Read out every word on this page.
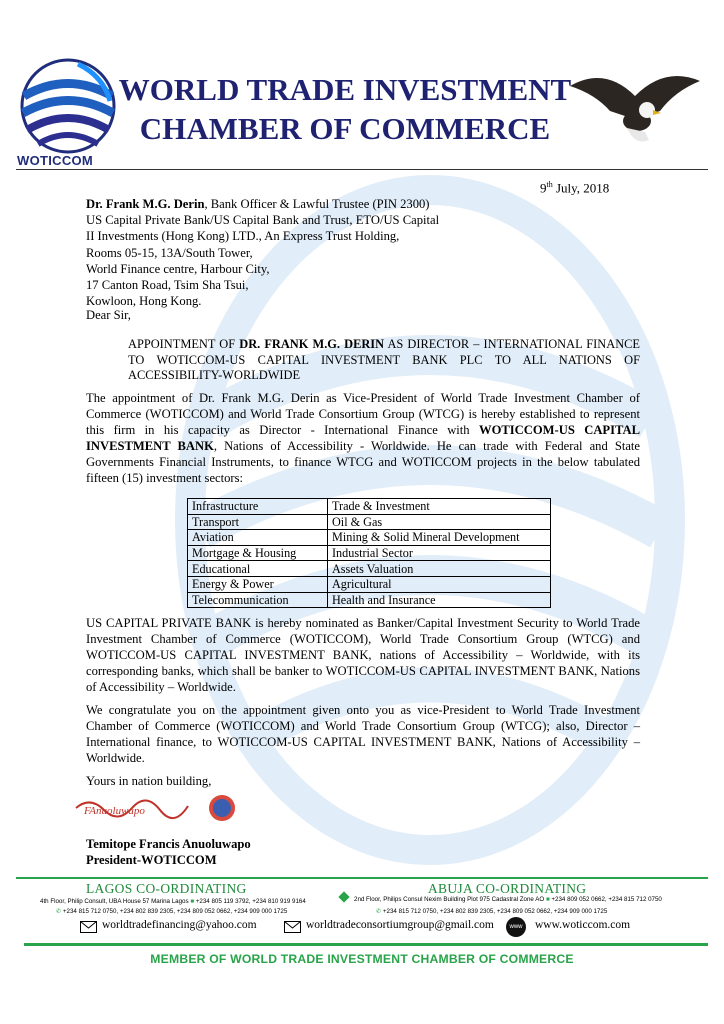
WOTICCOM
WORLD TRADE INVESTMENT
CHAMBER OF COMMERCE
9th July, 2018
Dr. Frank M.G. Derin, Bank Officer & Lawful Trustee (PIN 2300)
US Capital Private Bank/US Capital Bank and Trust, ETO/US Capital
II Investments (Hong Kong) LTD., An Express Trust Holding,
Rooms 05-15, 13A/South Tower,
World Finance centre, Harbour City,
17 Canton Road, Tsim Sha Tsui,
Kowloon, Hong Kong.
Dear Sir,
APPOINTMENT OF DR. FRANK M.G. DERIN AS DIRECTOR – INTERNATIONAL FINANCE TO WOTICCOM-US CAPITAL INVESTMENT BANK PLC TO ALL NATIONS OF ACCESSIBILITY-WORLDWIDE
The appointment of Dr. Frank M.G. Derin as Vice-President of World Trade Investment Chamber of Commerce (WOTICCOM) and World Trade Consortium Group (WTCG) is hereby established to represent this firm in his capacity as Director - International Finance with WOTICCOM-US CAPITAL INVESTMENT BANK, Nations of Accessibility - Worldwide. He can trade with Federal and State Governments Financial Instruments, to finance WTCG and WOTICCOM projects in the below tabulated fifteen (15) investment sectors:
Infrastructure	Trade & Investment
Transport	Oil & Gas
Aviation	Mining & Solid Mineral Development
Mortgage & Housing	Industrial Sector
Educational	Assets Valuation
Energy & Power	Agricultural
Telecommunication	Health and Insurance
US CAPITAL PRIVATE BANK is hereby nominated as Banker/Capital Investment Security to World Trade Investment Chamber of Commerce (WOTICCOM), World Trade Consortium Group (WTCG) and WOTICCOM-US CAPITAL INVESTMENT BANK, nations of Accessibility – Worldwide, with its corresponding banks, which shall be banker to WOTICCOM-US CAPITAL INVESTMENT BANK, Nations of Accessibility – Worldwide.
We congratulate you on the appointment given onto you as vice-President to World Trade Investment Chamber of Commerce (WOTICCOM) and World Trade Consortium Group (WTCG); also, Director – International finance, to WOTICCOM-US CAPITAL INVESTMENT BANK, Nations of Accessibility – Worldwide.
Yours in nation building,
FAnuoluwapo
Temitope Francis Anuoluwapo
President-WOTICCOM
LAGOS CO-ORDINATING
4th Floor, Philip Consult, UBA House 57 Marina Lagos ■ +234 805 119 3792, +234 810 919 9164
✆ +234 815 712 0750, +234 802 839 2305, +234 809 052 0662, +234 909 000 1725
ABUJA CO-ORDINATING
2nd Floor, Philips Consul Nexim Building Plot 975 Cadastral Zone AO ■ +234 809 052 0662, +234 815 712 0750
✆ +234 815 712 0750, +234 802 839 2305, +234 809 052 0662, +234 909 000 1725
worldtradefinancing@yahoo.com	worldtradeconsortiumgroup@gmail.com	www	www.woticcom.com
MEMBER OF WORLD TRADE INVESTMENT CHAMBER OF COMMERCE
